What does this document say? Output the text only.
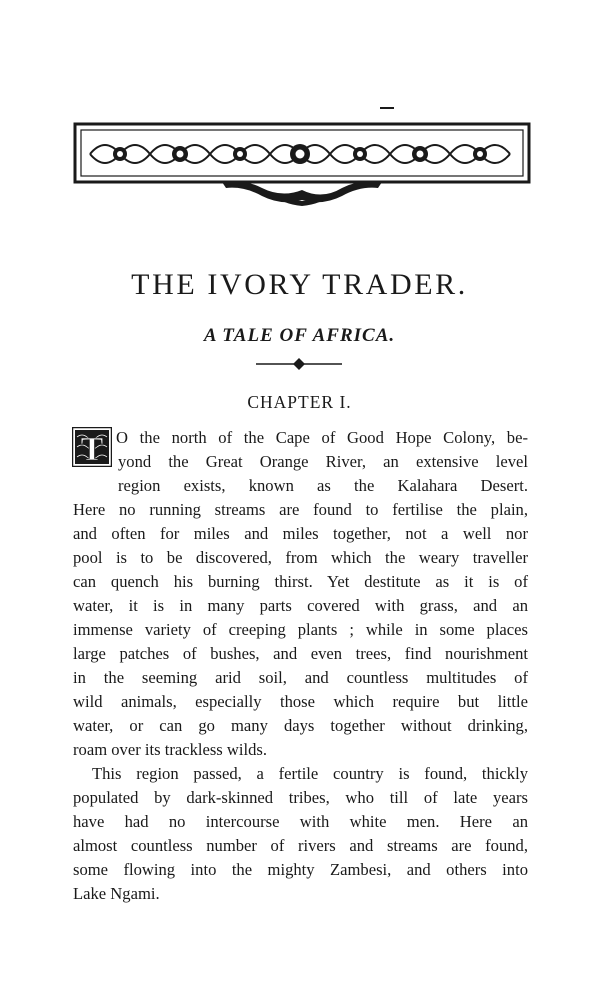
THE IVORY TRADER.
A TALE OF AFRICA.
CHAPTER I.
T O the north of the Cape of Good Hope Colony, be-
yond the Great Orange River, an extensive level
region exists, known as the Kalahara Desert.
Here no running streams are found to fertilise the plain,
and often for miles and miles together, not a well nor
pool is to be discovered, from which the weary traveller
can quench his burning thirst. Yet destitute as it is of
water, it is in many parts covered with grass, and an
immense variety of creeping plants ; while in some places
large patches of bushes, and even trees, find nourishment
in the seeming arid soil, and countless multitudes of
wild animals, especially those which require but little
water, or can go many days together without drinking,
roam over its trackless wilds.
This region passed, a fertile country is found, thickly
populated by dark-skinned tribes, who till of late years
have had no intercourse with white men. Here an
almost countless number of rivers and streams are found,
some flowing into the mighty Zambesi, and others into
Lake Ngami.
